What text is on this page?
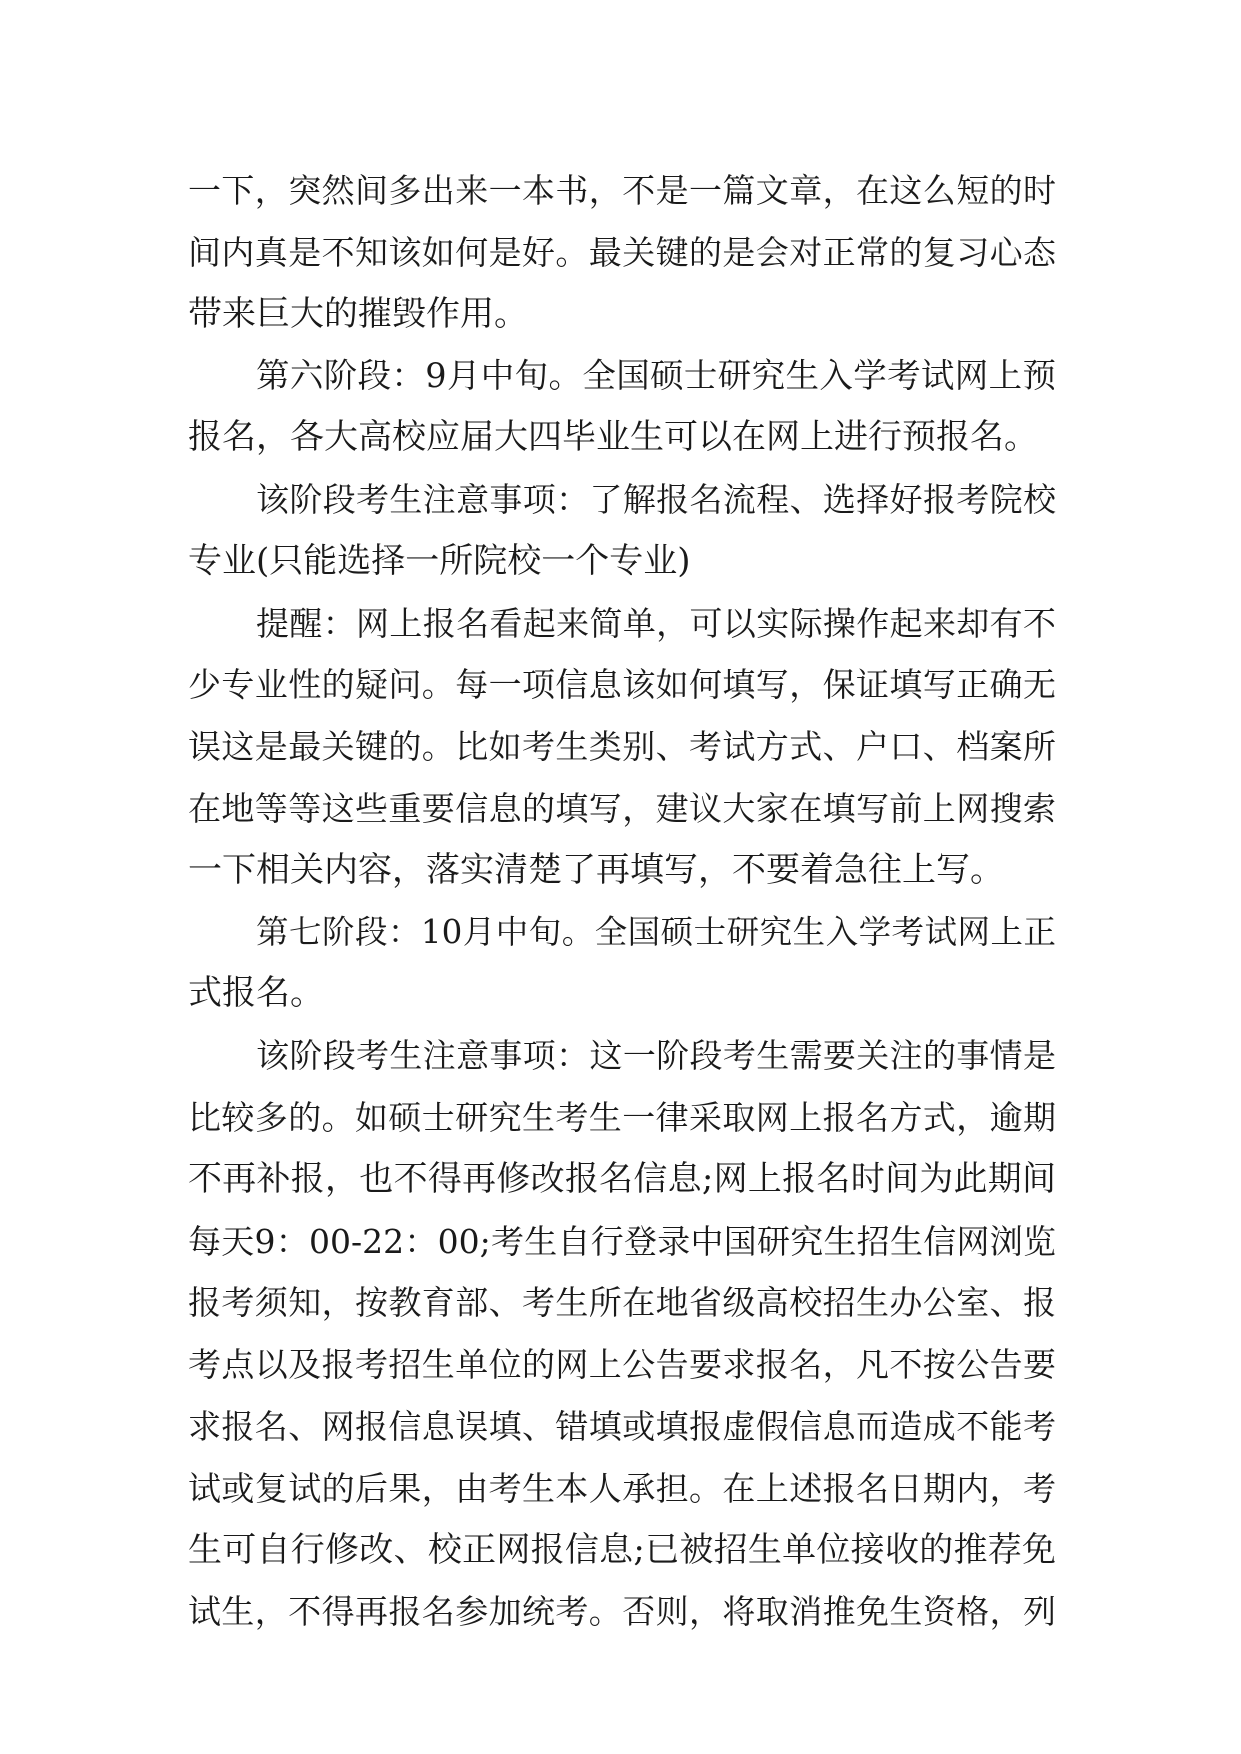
一下，突然间多出来一本书，不是一篇文章，在这么短的时
间内真是不知该如何是好。最关键的是会对正常的复习心态
带来巨大的摧毁作用。
第六阶段：9月中旬。全国硕士研究生入学考试网上预
报名，各大高校应届大四毕业生可以在网上进行预报名。
该阶段考生注意事项：了解报名流程、选择好报考院校
专业(只能选择一所院校一个专业)
提醒：网上报名看起来简单，可以实际操作起来却有不
少专业性的疑问。每一项信息该如何填写，保证填写正确无
误这是最关键的。比如考生类别、考试方式、户口、档案所
在地等等这些重要信息的填写，建议大家在填写前上网搜索
一下相关内容，落实清楚了再填写，不要着急往上写。
第七阶段：10月中旬。全国硕士研究生入学考试网上正
式报名。
该阶段考生注意事项：这一阶段考生需要关注的事情是
比较多的。如硕士研究生考生一律采取网上报名方式，逾期
不再补报，也不得再修改报名信息;网上报名时间为此期间
每天9：00-22：00;考生自行登录中国研究生招生信网浏览
报考须知，按教育部、考生所在地省级高校招生办公室、报
考点以及报考招生单位的网上公告要求报名，凡不按公告要
求报名、网报信息误填、错填或填报虚假信息而造成不能考
试或复试的后果，由考生本人承担。在上述报名日期内，考
生可自行修改、校正网报信息;已被招生单位接收的推荐免
试生，不得再报名参加统考。否则，将取消推免生资格，列
